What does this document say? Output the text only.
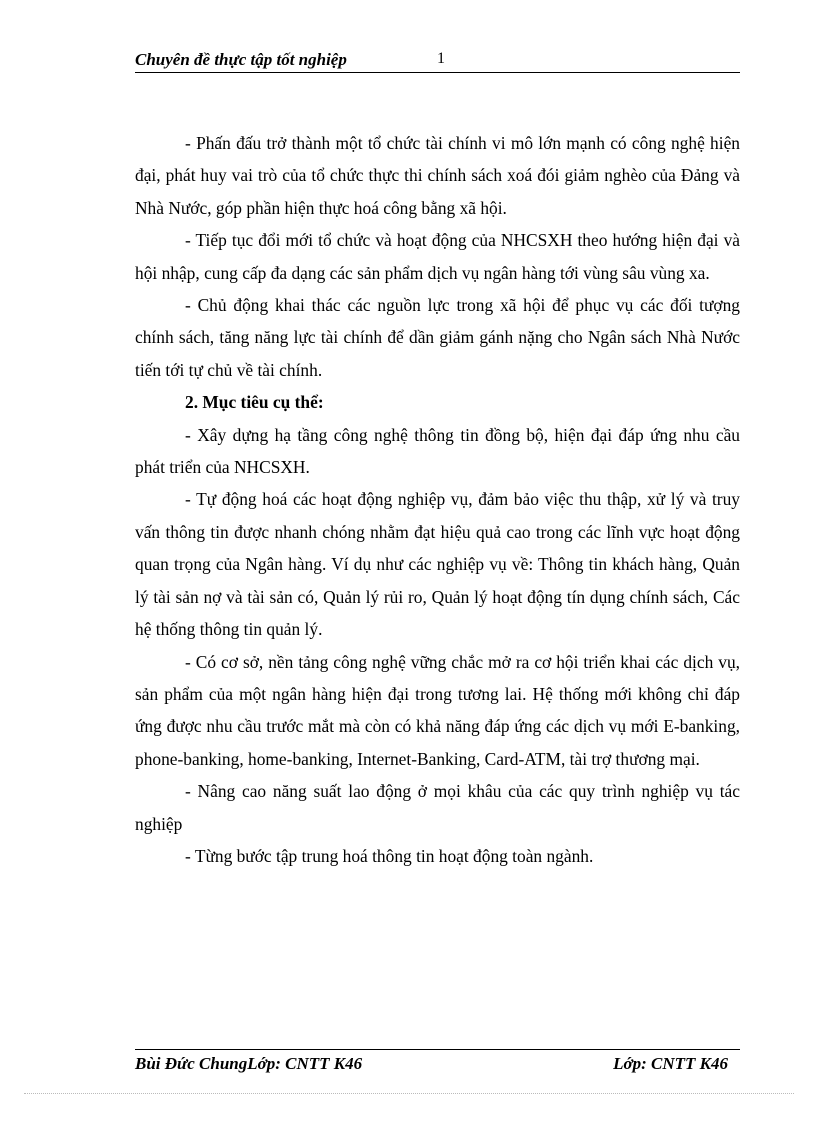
Chuyên đề thực tập tốt nghiệp	1

- Phấn đấu trở thành một tổ chức tài chính vi mô lớn mạnh có công nghệ hiện đại, phát huy vai trò của tổ chức thực thi chính sách xoá đói giảm nghèo của Đảng và Nhà Nước, góp phần hiện thực hoá công bằng xã hội.

- Tiếp tục đổi mới tổ chức và hoạt động của NHCSXH theo hướng hiện đại và hội nhập, cung cấp đa dạng các sản phẩm dịch vụ ngân hàng tới vùng sâu vùng xa.

- Chủ động khai thác các nguồn lực trong xã hội để phục vụ các đối tượng chính sách, tăng năng lực tài chính để dần giảm gánh nặng cho Ngân sách Nhà Nước tiến tới tự chủ về tài chính.

2. Mục tiêu cụ thể:

- Xây dựng hạ tầng công nghệ thông tin đồng bộ, hiện đại đáp ứng nhu cầu phát triển của NHCSXH.

- Tự động hoá các hoạt động nghiệp vụ, đảm bảo việc thu thập, xử lý và truy vấn thông tin được nhanh chóng nhằm đạt hiệu quả cao trong các lĩnh vực hoạt động quan trọng của Ngân hàng. Ví dụ như các nghiệp vụ về: Thông tin khách hàng, Quản lý tài sản nợ và tài sản có, Quản lý rủi ro, Quản lý hoạt động tín dụng chính sách, Các hệ thống thông tin quản lý.

- Có cơ sở, nền tảng công nghệ vững chắc mở ra cơ hội triển khai các dịch vụ, sản phẩm của một ngân hàng hiện đại trong tương lai. Hệ thống mới không chỉ đáp ứng được nhu cầu trước mắt mà còn có khả năng đáp ứng các dịch vụ mới E-banking, phone-banking, home-banking, Internet-Banking, Card-ATM, tài trợ thương mại.

- Nâng cao năng suất lao động ở mọi khâu của các quy trình nghiệp vụ tác nghiệp

- Từng bước tập trung hoá thông tin hoạt động toàn ngành.

Bùi Đức ChungLớp: CNTT K46	Lớp: CNTT K46
